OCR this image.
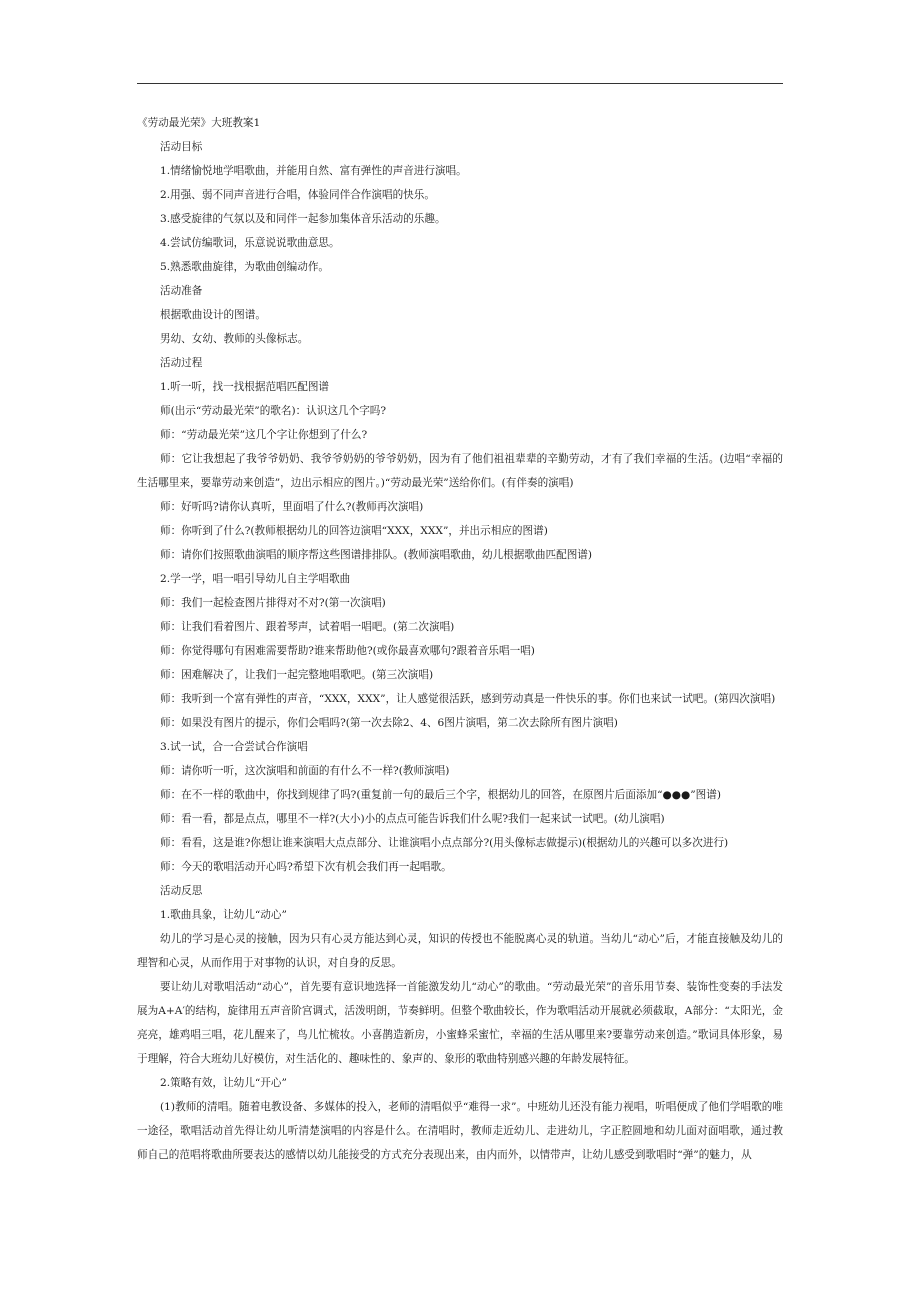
《劳动最光荣》大班教案1

活动目标

1.情绪愉悦地学唱歌曲，并能用自然、富有弹性的声音进行演唱。

2.用强、弱不同声音进行合唱，体验同伴合作演唱的快乐。

3.感受旋律的气氛以及和同伴一起参加集体音乐活动的乐趣。

4.尝试仿编歌词，乐意说说歌曲意思。

5.熟悉歌曲旋律，为歌曲创编动作。

活动准备

根据歌曲设计的图谱。

男幼、女幼、教师的头像标志。

活动过程

1.听一听，找一找根据范唱匹配图谱

师(出示“劳动最光荣”的歌名)：认识这几个字吗?

师：“劳动最光荣”这几个字让你想到了什么?

师：它让我想起了我爷爷奶奶、我爷爷奶奶的爷爷奶奶，因为有了他们祖祖辈辈的辛勤劳动，才有了我们幸福的生活。(边唱“幸福的生活哪里来，要靠劳动来创造”，边出示相应的图片。)“劳动最光荣”送给你们。(有伴奏的演唱)

师：好听吗?请你认真听，里面唱了什么?(教师再次演唱)

师：你听到了什么?(教师根据幼儿的回答边演唱“XXX，XXX”，并出示相应的图谱)

师：请你们按照歌曲演唱的顺序帮这些图谱排排队。(教师演唱歌曲，幼儿根据歌曲匹配图谱)

2.学一学，唱一唱引导幼儿自主学唱歌曲

师：我们一起检查图片排得对不对?(第一次演唱)

师：让我们看着图片、跟着琴声，试着唱一唱吧。(第二次演唱)

师：你觉得哪句有困难需要帮助?谁来帮助他?(或你最喜欢哪句?跟着音乐唱一唱)

师：困难解决了，让我们一起完整地唱歌吧。(第三次演唱)

师：我听到一个富有弹性的声音，“XXX，XXX”，让人感觉很活跃，感到劳动真是一件快乐的事。你们也来试一试吧。(第四次演唱)

师：如果没有图片的提示，你们会唱吗?(第一次去除2、4、6图片演唱，第二次去除所有图片演唱)

3.试一试，合一合尝试合作演唱

师：请你听一听，这次演唱和前面的有什么不一样?(教师演唱)

师：在不一样的歌曲中，你找到规律了吗?(重复前一句的最后三个字，根据幼儿的回答，在原图片后面添加“●●●”图谱)

师：看一看，都是点点，哪里不一样?(大小)小的点点可能告诉我们什么呢?我们一起来试一试吧。(幼儿演唱)

师：看看，这是谁?你想让谁来演唱大点点部分、让谁演唱小点点部分?(用头像标志做提示)(根据幼儿的兴趣可以多次进行)

师：今天的歌唱活动开心吗?希望下次有机会我们再一起唱歌。

活动反思

1.歌曲具象，让幼儿“动心”

幼儿的学习是心灵的接触，因为只有心灵方能达到心灵，知识的传授也不能脱离心灵的轨道。当幼儿“动心”后，才能直接触及幼儿的理智和心灵，从而作用于对事物的认识，对自身的反思。

要让幼儿对歌唱活动“动心”，首先要有意识地选择一首能激发幼儿“动心”的歌曲。“劳动最光荣”的音乐用节奏、装饰性变奏的手法发展为A+A′的结构，旋律用五声音阶宫调式，活泼明朗，节奏鲜明。但整个歌曲较长，作为歌唱活动开展就必须截取，A部分：“太阳光，金亮亮，雄鸡唱三唱，花儿醒来了，鸟儿忙梳妆。小喜鹊造新房，小蜜蜂采蜜忙，幸福的生活从哪里来?要靠劳动来创造。”歌词具体形象，易于理解，符合大班幼儿好模仿，对生活化的、趣味性的、象声的、象形的歌曲特别感兴趣的年龄发展特征。

2.策略有效，让幼儿“开心”

(1)教师的清唱。随着电教设备、多媒体的投入，老师的清唱似乎“难得一求”。中班幼儿还没有能力视唱，听唱便成了他们学唱歌的唯一途径，歌唱活动首先得让幼儿听清楚演唱的内容是什么。在清唱时，教师走近幼儿、走进幼儿，字正腔圆地和幼儿面对面唱歌，通过教师自己的范唱将歌曲所要表达的感情以幼儿能接受的方式充分表现出来，由内而外，以情带声，让幼儿感受到歌唱时“弹”的魅力，从
